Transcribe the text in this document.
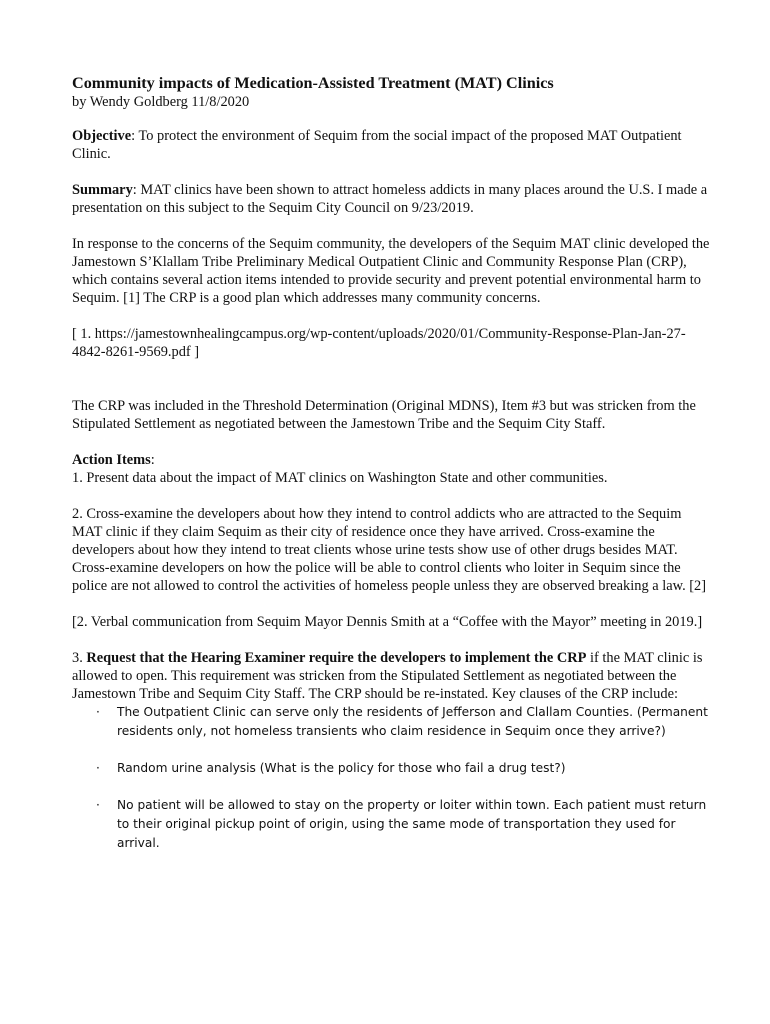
Community impacts of Medication-Assisted Treatment (MAT) Clinics
by Wendy Goldberg 11/8/2020

Objective: To protect the environment of Sequim from the social impact of the proposed MAT Outpatient Clinic.

Summary: MAT clinics have been shown to attract homeless addicts in many places around the U.S. I made a presentation on this subject to the Sequim City Council on 9/23/2019.

In response to the concerns of the Sequim community, the developers of the Sequim MAT clinic developed the Jamestown S’Klallam Tribe Preliminary Medical Outpatient Clinic and Community Response Plan (CRP), which contains several action items intended to provide security and prevent potential environmental harm to Sequim. [1] The CRP is a good plan which addresses many community concerns.

[ 1. https://jamestownhealingcampus.org/wp-content/uploads/2020/01/Community-Response-Plan-Jan-27-4842-8261-9569.pdf ]

The CRP was included in the Threshold Determination (Original MDNS), Item #3 but was stricken from the Stipulated Settlement as negotiated between the Jamestown Tribe and the Sequim City Staff.

Action Items:

1. Present data about the impact of MAT clinics on Washington State and other communities.

2. Cross-examine the developers about how they intend to control addicts who are attracted to the Sequim MAT clinic if they claim Sequim as their city of residence once they have arrived. Cross-examine the developers about how they intend to treat clients whose urine tests show use of other drugs besides MAT. Cross-examine developers on how the police will be able to control clients who loiter in Sequim since the police are not allowed to control the activities of homeless people unless they are observed breaking a law. [2]

[2. Verbal communication from Sequim Mayor Dennis Smith at a “Coffee with the Mayor” meeting in 2019.]

3. Request that the Hearing Examiner require the developers to implement the CRP if the MAT clinic is allowed to open. This requirement was stricken from the Stipulated Settlement as negotiated between the Jamestown Tribe and Sequim City Staff. The CRP should be re-instated. Key clauses of the CRP include:

· The Outpatient Clinic can serve only the residents of Jefferson and Clallam Counties. (Permanent residents only, not homeless transients who claim residence in Sequim once they arrive?)
· Random urine analysis (What is the policy for those who fail a drug test?)
· No patient will be allowed to stay on the property or loiter within town. Each patient must return to their original pickup point of origin, using the same mode of transportation they used for arrival.
